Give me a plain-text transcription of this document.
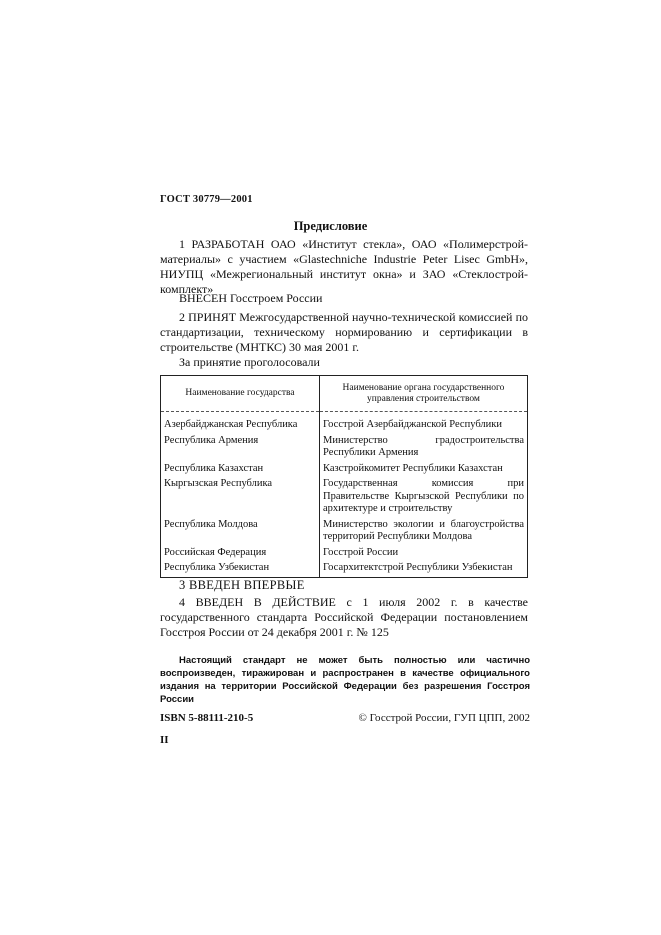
ГОСТ 30779—2001
Предисловие
1 РАЗРАБОТАН ОАО «Институт стекла», ОАО «Полимерстрой-материалы» с участием «Glastechniche Industrie Peter Lisec GmbH», НИУПЦ «Межрегиональный институт окна» и ЗАО «Стеклострой-комплект»
ВНЕСЕН Госстроем России
2 ПРИНЯТ Межгосударственной научно-технической комиссией по стандартизации, техническому нормированию и сертификации в строительстве (МНТКС) 30 мая 2001 г.
За принятие проголосовали
Наименование государства	Наименование органа государственного управления строительством

Азербайджанская Республика	Госстрой Азербайджанской Республики
Республика Армения	Министерство градостроительства Республики Армения
Республика Казахстан	Казстройкомитет Республики Казахстан
Кыргызская Республика	Государственная комиссия при Правительстве Кыргызской Республики по архитектуре и строительству
Республика Молдова	Министерство экологии и благоустройства территорий Республики Молдова
Российская Федерация	Госстрой России
Республика Узбекистан	Госархитектстрой Республики Узбекистан
3 ВВЕДЕН ВПЕРВЫЕ
4 ВВЕДЕН В ДЕЙСТВИЕ с 1 июля 2002 г. в качестве государственного стандарта Российской Федерации постановлением Госстроя России от 24 декабря 2001 г. № 125
Настоящий стандарт не может быть полностью или частично воспроизведен, тиражирован и распространен в качестве официального издания на территории Российской Федерации без разрешения Госстроя России
ISBN 5-88111-210-5	© Госстрой России, ГУП ЦПП, 2002
II
